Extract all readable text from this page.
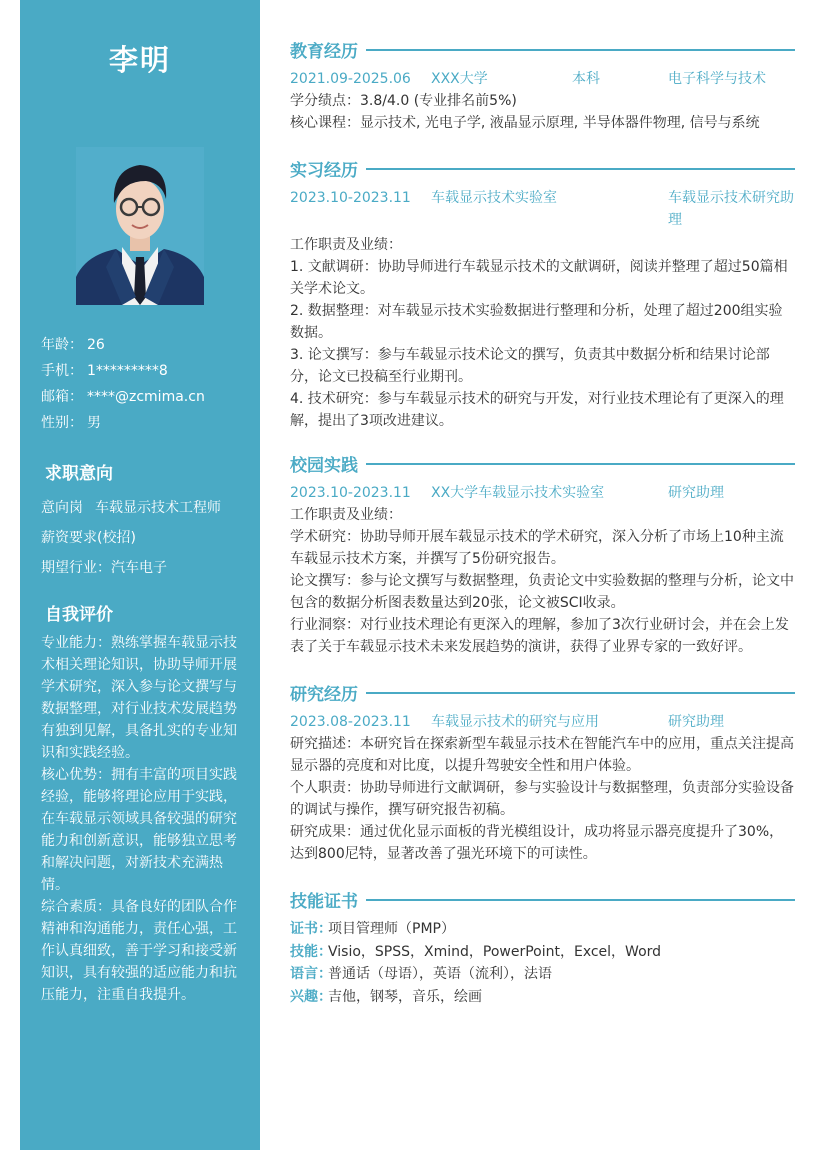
李明
年龄： 26
手机： 1*********8
邮箱： ****@zcmima.cn
性别： 男
求职意向
意向岗 车载显示技术工程师
薪资要求(校招)
期望行业：汽车电子
自我评价

专业能力：熟练掌握车载显示技术相关理论知识，协助导师开展学术研究，深入参与论文撰写与数据整理，对行业技术发展趋势有独到见解，具备扎实的专业知识和实践经验。

核心优势：拥有丰富的项目实践经验，能够将理论应用于实践，在车载显示领域具备较强的研究能力和创新意识，能够独立思考和解决问题，对新技术充满热情。

综合素质：具备良好的团队合作精神和沟通能力，责任心强，工作认真细致，善于学习和接受新知识，具有较强的适应能力和抗压能力，注重自我提升。

教育经历
2021.09-2025.06	XXX大学	本科	电子科学与技术

学分绩点：3.8/4.0 (专业排名前5%)

核心课程：显示技术, 光电子学, 液晶显示原理, 半导体器件物理, 信号与系统

实习经历
2023.10-2023.11	车载显示技术实验室	车载显示技术研究助理

工作职责及业绩：

1. 文献调研：协助导师进行车载显示技术的文献调研，阅读并整理了超过50篇相关学术论文。

2. 数据整理：对车载显示技术实验数据进行整理和分析，处理了超过200组实验数据。

3. 论文撰写：参与车载显示技术论文的撰写，负责其中数据分析和结果讨论部分，论文已投稿至行业期刊。

4. 技术研究：参与车载显示技术的研究与开发，对行业技术理论有了更深入的理解，提出了3项改进建议。

校园实践
2023.10-2023.11	XX大学车载显示技术实验室	研究助理

工作职责及业绩：

学术研究：协助导师开展车载显示技术的学术研究，深入分析了市场上10种主流车载显示技术方案，并撰写了5份研究报告。

论文撰写：参与论文撰写与数据整理，负责论文中实验数据的整理与分析，论文中包含的数据分析图表数量达到20张，论文被SCI收录。

行业洞察：对行业技术理论有更深入的理解，参加了3次行业研讨会，并在会上发表了关于车载显示技术未来发展趋势的演讲，获得了业界专家的一致好评。

研究经历
2023.08-2023.11	车载显示技术的研究与应用	研究助理

研究描述：本研究旨在探索新型车载显示技术在智能汽车中的应用，重点关注提高显示器的亮度和对比度，以提升驾驶安全性和用户体验。

个人职责：协助导师进行文献调研，参与实验设计与数据整理，负责部分实验设备的调试与操作，撰写研究报告初稿。

研究成果：通过优化显示面板的背光模组设计，成功将显示器亮度提升了30%，达到800尼特，显著改善了强光环境下的可读性。

技能证书
证书：项目管理师（PMP）
技能：Visio，SPSS，Xmind，PowerPoint，Excel，Word
语言：普通话（母语），英语（流利），法语
兴趣：吉他，钢琴，音乐，绘画
